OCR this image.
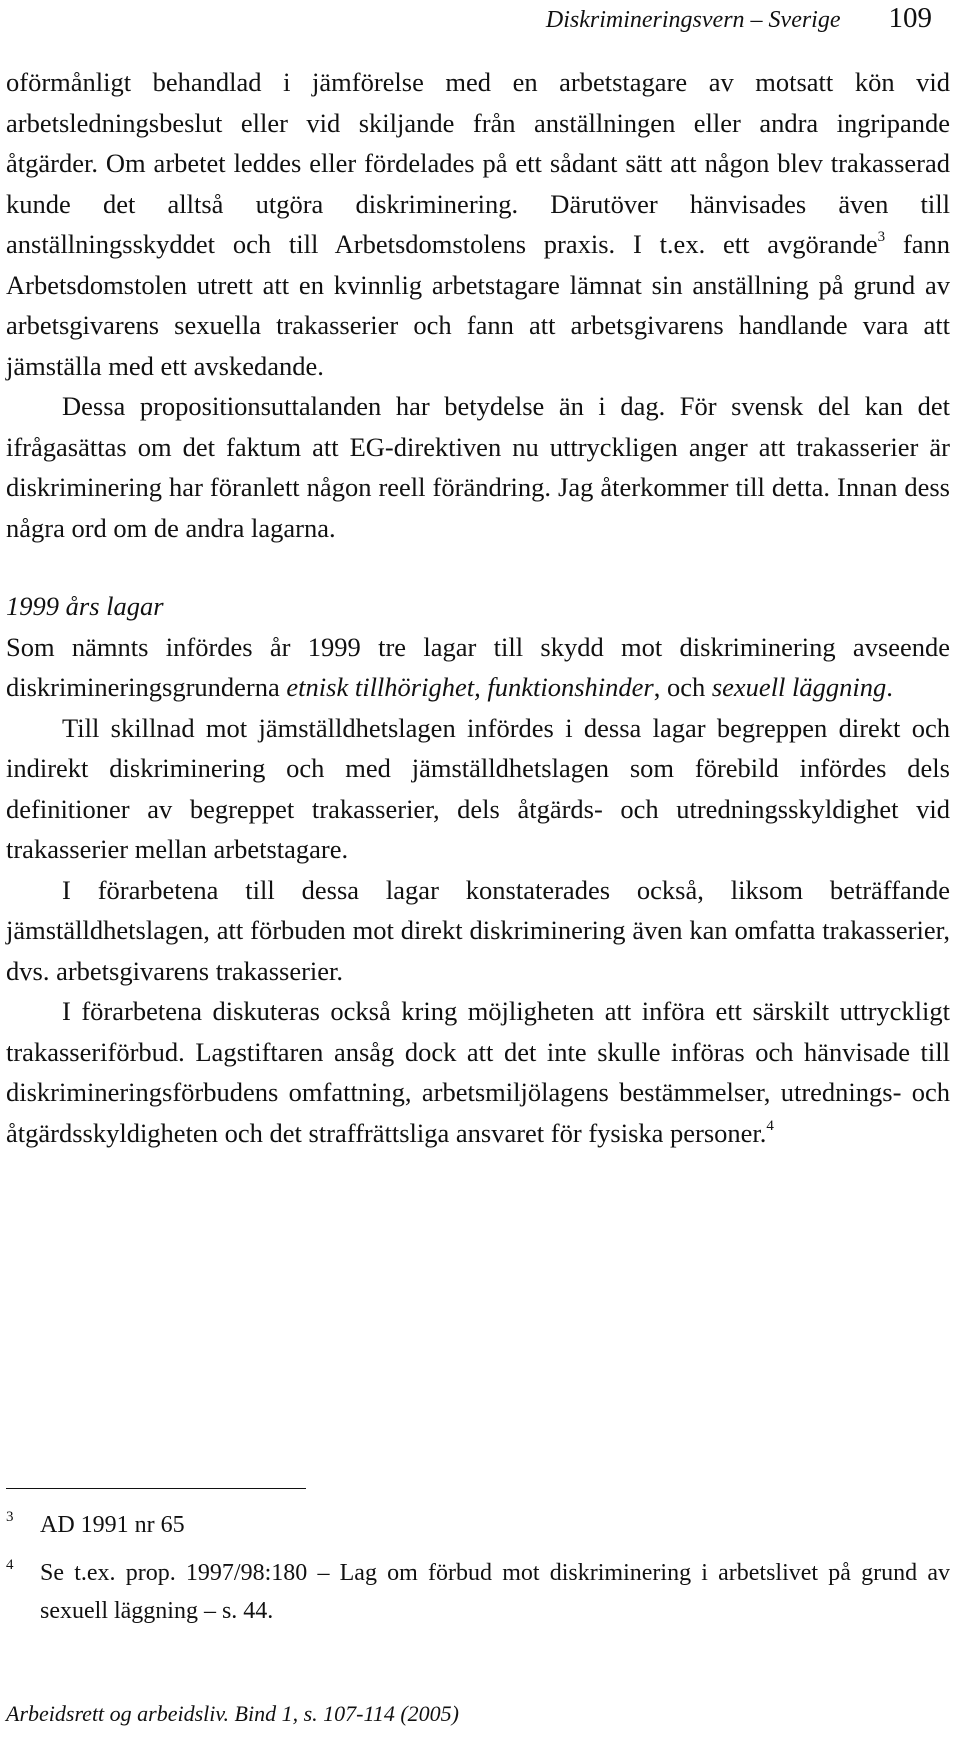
Diskrimineringsvern – Sverige 109

oförmånligt behandlad i jämförelse med en arbetstagare av motsatt kön vid arbetsledningsbeslut eller vid skiljande från anställningen eller andra ingripande åtgärder. Om arbetet leddes eller fördelades på ett sådant sätt att någon blev trakasserad kunde det alltså utgöra diskriminering. Därutöver hänvisades även till anställningsskyddet och till Arbetsdomstolens praxis. I t.ex. ett avgörande$^3$ fann Arbetsdomstolen utrett att en kvinnlig arbetstagare lämnat sin anställning på grund av arbetsgivarens sexuella trakasserier och fann att arbetsgivarens handlande vara att jämställa med ett avskedande.

Dessa propositionsuttalanden har betydelse än i dag. För svensk del kan det ifrågasättas om det faktum att EG-direktiven nu uttryckligen anger att trakasserier är diskriminering har föranlett någon reell förändring. Jag återkommer till detta. Innan dess några ord om de andra lagarna.

1999 års lagar

Som nämnts infördes år 1999 tre lagar till skydd mot diskriminering avseende diskrimineringsgrunderna etnisk tillhörighet, funktionshinder, och sexuell läggning.

Till skillnad mot jämställdhetslagen infördes i dessa lagar begreppen direkt och indirekt diskriminering och med jämställdhetslagen som förebild infördes dels definitioner av begreppet trakasserier, dels åtgärds- och utredningsskyldighet vid trakasserier mellan arbetstagare.

I förarbetena till dessa lagar konstaterades också, liksom beträffande jämställdhetslagen, att förbuden mot direkt diskriminering även kan omfatta trakasserier, dvs. arbetsgivarens trakasserier.

I förarbetena diskuteras också kring möjligheten att införa ett särskilt uttryckligt trakasseriförbud. Lagstiftaren ansåg dock att det inte skulle införas och hänvisade till diskrimineringsförbudens omfattning, arbetsmiljölagens bestämmelser, utrednings- och åtgärdsskyldigheten och det straffrättsliga ansvaret för fysiska personer.$^4$

3 AD 1991 nr 65
4 Se t.ex. prop. 1997/98:180 – Lag om förbud mot diskriminering i arbetslivet på grund av sexuell läggning – s. 44.
Arbeidsrett og arbeidsliv. Bind 1, s. 107-114 (2005)
